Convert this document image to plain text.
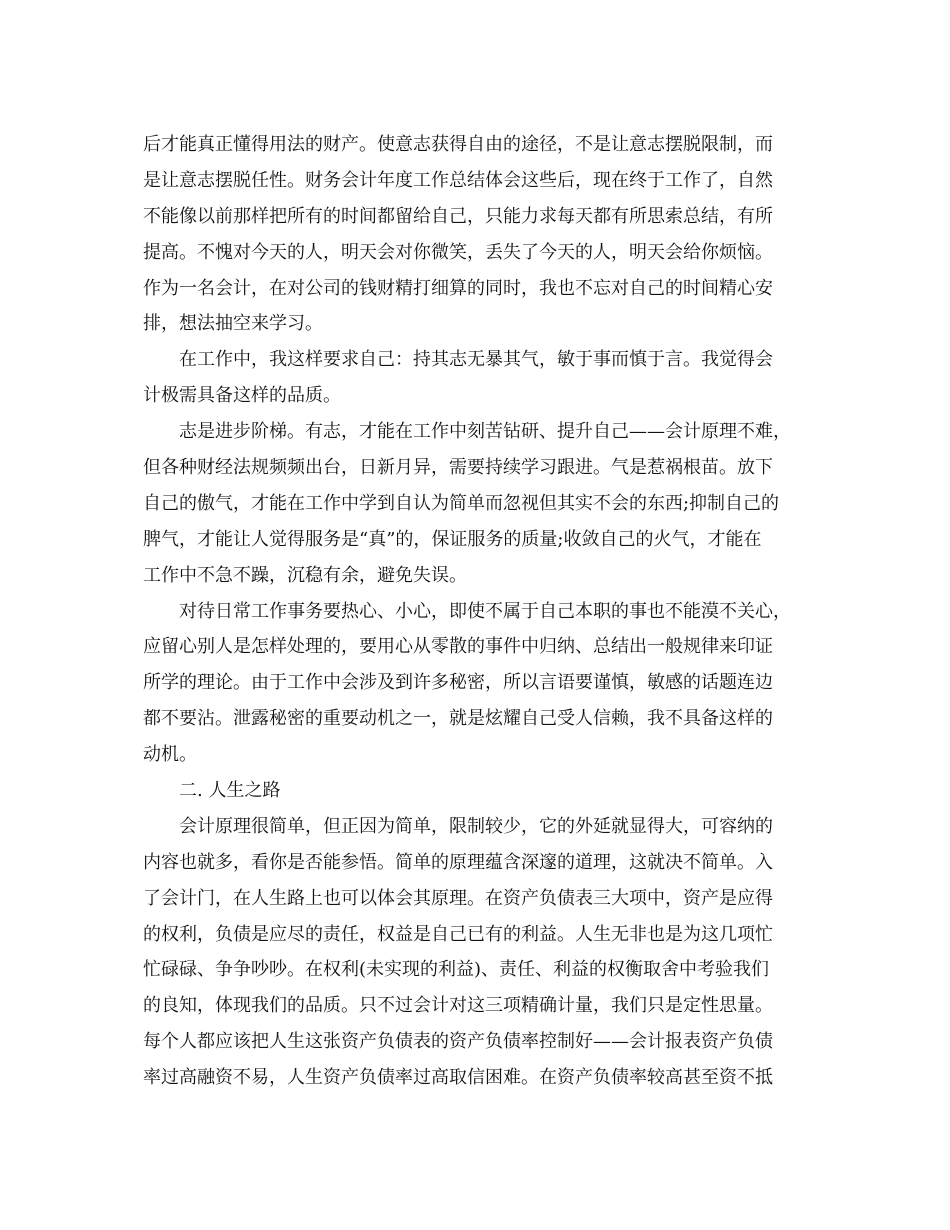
后才能真正懂得用法的财产。使意志获得自由的途径，不是让意志摆脱限制，而
是让意志摆脱任性。财务会计年度工作总结体会这些后，现在终于工作了，自然
不能像以前那样把所有的时间都留给自己，只能力求每天都有所思索总结，有所
提高。不愧对今天的人，明天会对你微笑，丢失了今天的人，明天会给你烦恼。
作为一名会计，在对公司的钱财精打细算的同时，我也不忘对自己的时间精心安
排，想法抽空来学习。
在工作中，我这样要求自己：持其志无暴其气，敏于事而慎于言。我觉得会
计极需具备这样的品质。
志是进步阶梯。有志，才能在工作中刻苦钻研、提升自己——会计原理不难，
但各种财经法规频频出台，日新月异，需要持续学习跟进。气是惹祸根苗。放下
自己的傲气，才能在工作中学到自认为简单而忽视但其实不会的东西;抑制自己的
脾气，才能让人觉得服务是“真”的，保证服务的质量;收敛自己的火气，才能在
工作中不急不躁，沉稳有余，避免失误。
对待日常工作事务要热心、小心，即使不属于自己本职的事也不能漠不关心，
应留心别人是怎样处理的，要用心从零散的事件中归纳、总结出一般规律来印证
所学的理论。由于工作中会涉及到许多秘密，所以言语要谨慎，敏感的话题连边
都不要沾。泄露秘密的重要动机之一，就是炫耀自己受人信赖，我不具备这样的
动机。
二. 人生之路
会计原理很简单，但正因为简单，限制较少，它的外延就显得大，可容纳的
内容也就多，看你是否能参悟。简单的原理蕴含深邃的道理，这就决不简单。入
了会计门，在人生路上也可以体会其原理。在资产负债表三大项中，资产是应得
的权利，负债是应尽的责任，权益是自己已有的利益。人生无非也是为这几项忙
忙碌碌、争争吵吵。在权利(未实现的利益)、责任、利益的权衡取舍中考验我们
的良知，体现我们的品质。只不过会计对这三项精确计量，我们只是定性思量。
每个人都应该把人生这张资产负债表的资产负债率控制好——会计报表资产负债
率过高融资不易，人生资产负债率过高取信困难。在资产负债率较高甚至资不抵
